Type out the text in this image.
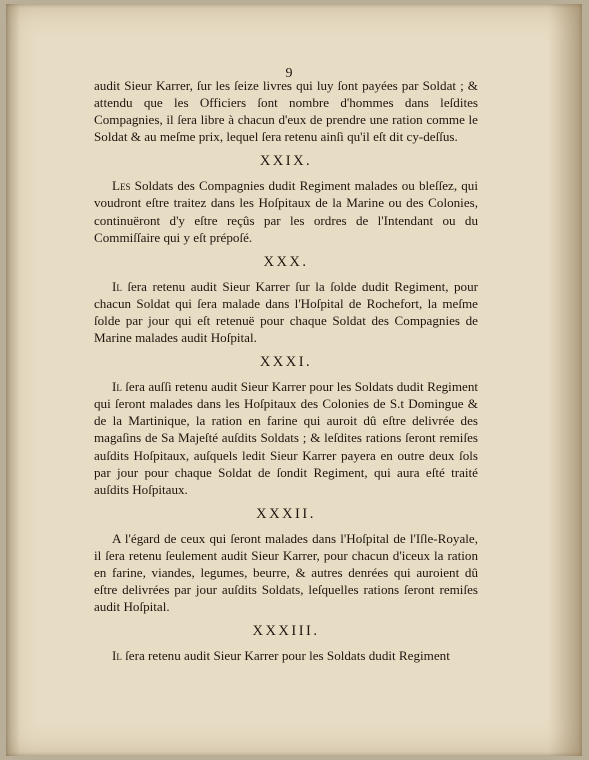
9

audit Sieur Karrer, ſur les ſeize livres qui luy ſont payées par Soldat ; & attendu que les Officiers ſont nombre d'hommes dans leſdites Compagnies, il ſera libre à chacun d'eux de prendre une ration comme le Soldat & au meſme prix, lequel ſera retenu ainſi qu'il eſt dit cy-deſſus.

XXIX.

Les Soldats des Compagnies dudit Regiment malades ou bleſſez, qui voudront eſtre traitez dans les Hoſpitaux de la Marine ou des Colonies, continuëront d'y eſtre reçûs par les ordres de l'Intendant ou du Commiſſaire qui y eſt prépoſé.

XXX.

Il ſera retenu audit Sieur Karrer ſur la ſolde dudit Regiment, pour chacun Soldat qui ſera malade dans l'Hoſpital de Rochefort, la meſme ſolde par jour qui eſt retenuë pour chaque Soldat des Compagnies de Marine malades audit Hoſpital.

XXXI.

Il ſera auſſi retenu audit Sieur Karrer pour les Soldats dudit Regiment qui ſeront malades dans les Hoſpitaux des Colonies de S.t Domingue & de la Martinique, la ration en farine qui auroit dû eſtre delivrée des magaſins de Sa Majeſté auſdits Soldats ; & leſdites rations ſeront remiſes auſdits Hoſpitaux, auſquels ledit Sieur Karrer payera en outre deux ſols par jour pour chaque Soldat de ſondit Regiment, qui aura eſté traité auſdits Hoſpitaux.

XXXII.

A l'égard de ceux qui ſeront malades dans l'Hoſpital de l'Iſle-Royale, il ſera retenu ſeulement audit Sieur Karrer, pour chacun d'iceux la ration en farine, viandes, legumes, beurre, & autres denrées qui auroient dû eſtre delivrées par jour auſdits Soldats, leſquelles rations ſeront remiſes audit Hoſpital.

XXXIII.

Il ſera retenu audit Sieur Karrer pour les Soldats dudit Regiment
